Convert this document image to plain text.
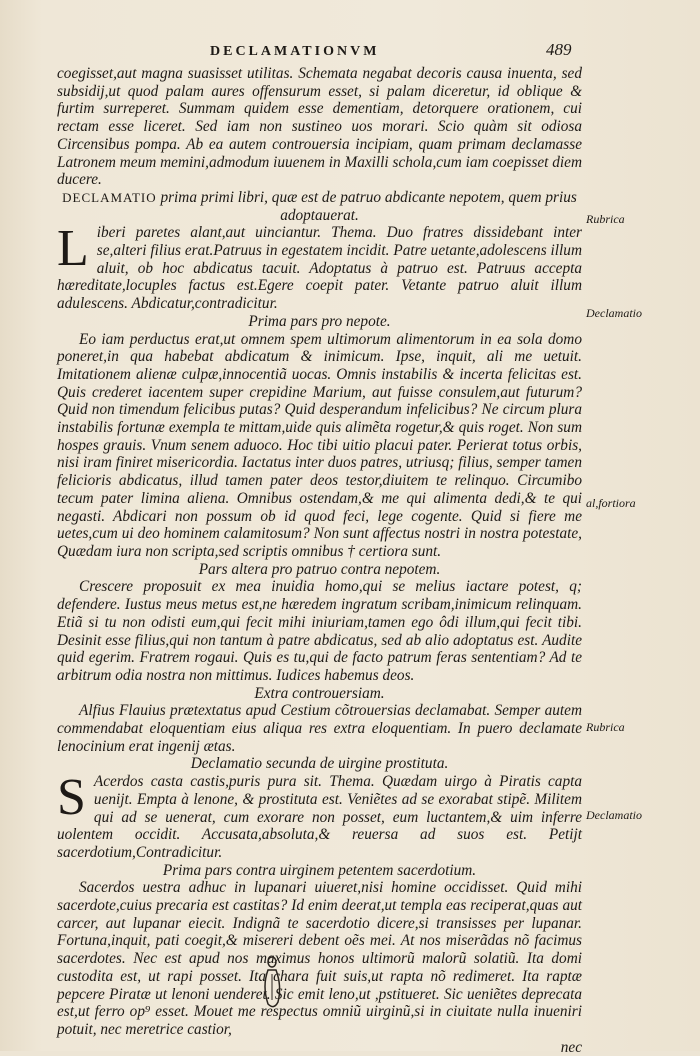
DECLAMATIONVM	489

coegisset,aut magna suasisset utilitas. Schemata negabat decoris causa inuenta, sed subsidij,ut quod palam aures offensurum esset, si palam diceretur, id oblique & furtim surreperet. Summam quidem esse dementiam, detorquere orationem, cui rectam esse liceret. Sed iam non sustineo uos morari. Scio quàm sit odiosa Circensibus pompa. Ab ea autem controuersia incipiam, quam primam declamasse Latronem meum memini,admodum iuuenem in Maxilli schola,cum iam coepisset diem ducere.

DECLAMATIO prima primi libri, quæ est de patruo abdicante nepotem, quem prius adoptauerat.

Liberi paretes alant,aut uinciantur. Thema. Duo fratres dissidebant inter se,alteri filius erat.Patruus in egestatem incidit. Patre uetante,adolescens illum aluit, ob hoc abdicatus tacuit. Adoptatus à patruo est. Patruus accepta hæreditate,locuples factus est.Egere coepit pater. Vetante patruo aluit illum adulescens. Abdicatur,contradicitur.

Prima pars pro nepote.

Eo iam perductus erat,ut omnem spem ultimorum alimentorum in ea sola domo poneret,in qua habebat abdicatum & inimicum. Ipse, inquit, ali me uetuit. Imitationem alienæ culpæ,innocentiã uocas. Omnis instabilis & incerta felicitas est. Quis crederet iacentem super crepidine Marium, aut fuisse consulem,aut futurum? Quid non timendum felicibus putas? Quid desperandum infelicibus? Ne circum plura instabilis fortunæ exempla te mittam,uide quis alimẽta rogetur,& quis roget. Non sum hospes grauis. Vnum senem aduoco. Hoc tibi uitio placui pater. Perierat totus orbis, nisi iram finiret misericordia. Iactatus inter duos patres, utriusq; filius, semper tamen felicioris abdicatus, illud tamen pater deos testor,diuitem te relinquo. Circumibo tecum pater limina aliena. Omnibus ostendam,& me qui alimenta dedi,& te qui negasti. Abdicari non possum ob id quod feci, lege cogente. Quid si fiere me uetes,cum ui deo hominem calamitosum? Non sunt affectus nostri in nostra potestate, Quædam iura non scripta,sed scriptis omnibus † certiora sunt.

Pars altera pro patruo contra nepotem.

Crescere proposuit ex mea inuidia homo,qui se melius iactare potest, q; defendere. Iustus meus metus est,ne hæredem ingratum scribam,inimicum relinquam. Etiã si tu non odisti eum,qui fecit mihi iniuriam,tamen ego ôdi illum,qui fecit tibi. Desinit esse filius,qui non tantum à patre abdicatus, sed ab alio adoptatus est. Audite quid egerim. Fratrem rogaui. Quis es tu,qui de facto patrum feras sententiam? Ad te arbitrum odia nostra non mittimus. Iudices habemus deos.

Extra controuersiam.

Alfius Flauius prætextatus apud Cestium cõtrouersias declamabat. Semper autem commendabat eloquentiam eius aliqua res extra eloquentiam. In puero declamate lenocinium erat ingenij ætas.

Declamatio secunda de uirgine prostituta.

S Acerdos casta castis,puris pura sit. Thema. Quædam uirgo à Piratis capta uenijt. Empta à lenone, & prostituta est. Veniẽtes ad se exorabat stipẽ. Militem qui ad se uenerat, cum exorare non posset, eum luctantem,& uim inferre uolentem occidit. Accusata,absoluta,& reuersa ad suos est. Petijt sacerdotium,Contradicitur.

Prima pars contra uirginem petentem sacerdotium.

Sacerdos uestra adhuc in lupanari uiueret,nisi homine occidisset. Quid mihi sacerdote,cuius precaria est castitas? Id enim deerat,ut templa eas reciperat,quas aut carcer, aut lupanar eiecit. Indignã te sacerdotio dicere,si transisses per lupanar. Fortuna,inquit, pati coegit,& misereri debent oẽs mei. At nos miserãdas nõ facimus sacerdotes. Nec est apud nos maximus honos ultimorũ malorũ solatiũ. Ita domi custodita est, ut rapi posset. Ita chara fuit suis,ut rapta nõ redimeret. Ita raptæ pepcere Piratæ ut lenoni uenderet. Sic emit leno,ut ,pstitueret. Sic ueniẽtes deprecata est,ut ferro op⁹ esset. Mouet me respectus omniũ uirginũ,si in ciuitate nulla inueniri potuit, nec meretrice castior,

nec

Rubrica
Declamatio
al,fortiora
Rubrica
Declamatio
